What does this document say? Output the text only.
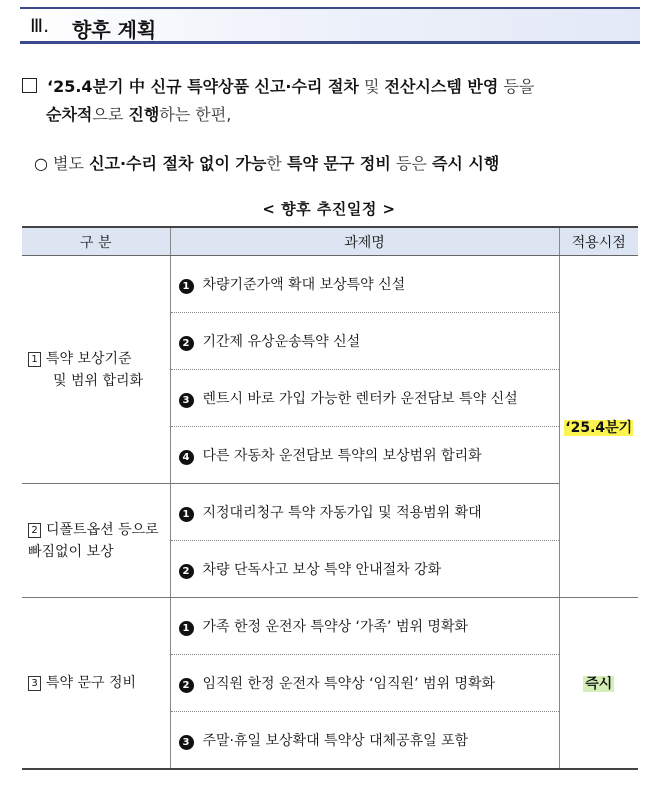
Ⅲ. 향후 계획
‘25.4분기 中 신규 특약상품 신고·수리 절차 및 전산시스템 반영 등을
순차적으로 진행하는 한편,
○ 별도 신고·수리 절차 없이 가능한 특약 문구 정비 등은 즉시 시행
< 향후 추진일정 >
구 분	과제명	적용시점

1 특약 보상기준
및 범위 합리화	1 차량기준가액 확대 보상특약 신설	‘25.4분기
	2 기간제 유상운송특약 신설	
	3 렌트시 바로 가입 가능한 렌터카 운전담보 특약 신설	
	4 다른 자동차 운전담보 특약의 보상범위 합리화	

2 디폴트옵션 등으로
빠짐없이 보상	1 지정대리청구 특약 자동가입 및 적용범위 확대	
	2 차량 단독사고 보상 특약 안내절차 강화	

3 특약 문구 정비	1 가족 한정 운전자 특약상 ‘가족’ 범위 명확화	즉시
	2 임직원 한정 운전자 특약상 ‘임직원’ 범위 명확화	
	3 주말·휴일 보상확대 특약상 대체공휴일 포함	
